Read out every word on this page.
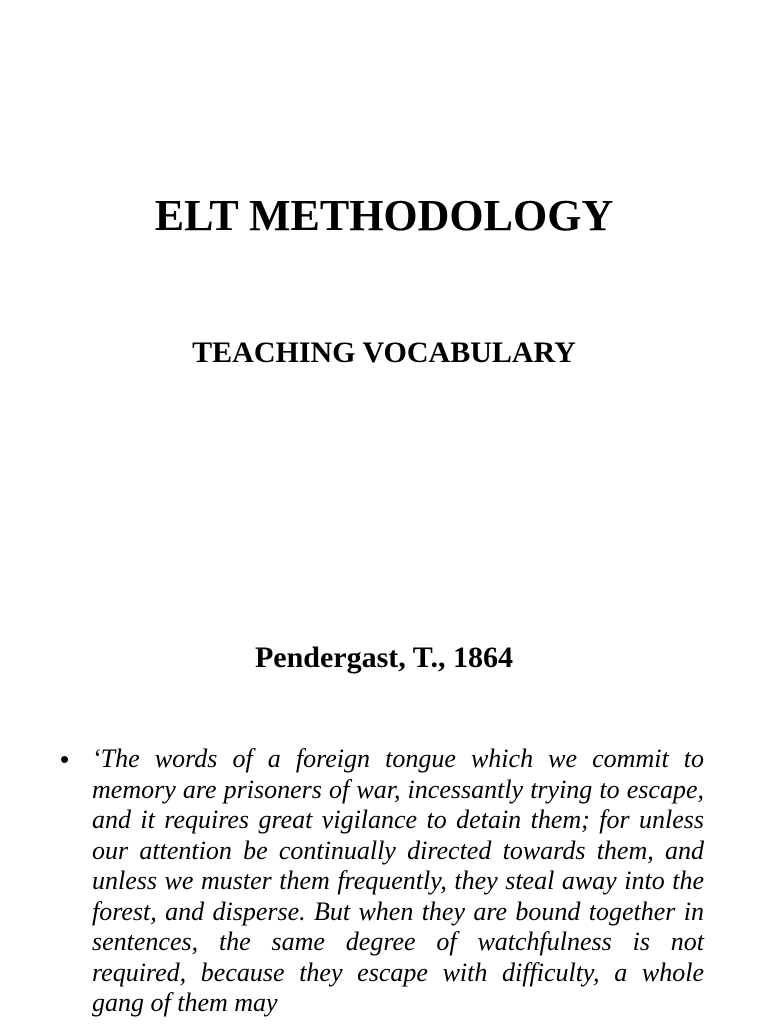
ELT METHODOLOGY
TEACHING VOCABULARY
Pendergast, T., 1864
• ‘The words of a foreign tongue which we commit to memory are prisoners of war, incessantly trying to escape, and it requires great vigilance to detain them; for unless our attention be continually directed towards them, and unless we muster them frequently, they steal away into the forest, and disperse. But when they are bound together in sentences, the same degree of watchfulness is not required, because they escape with difficulty, a whole gang of them may
